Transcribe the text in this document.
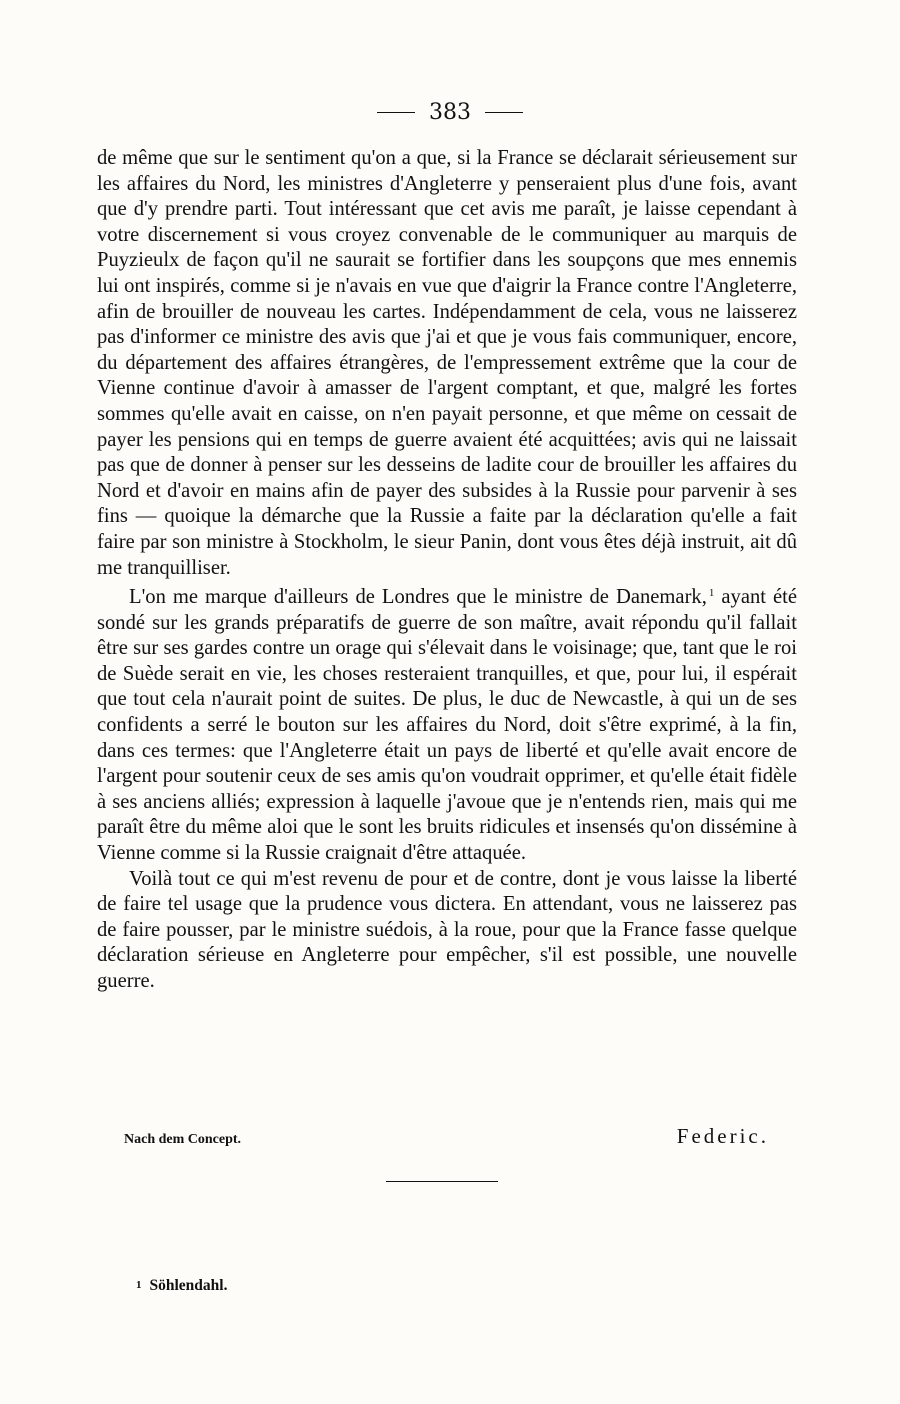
383

de même que sur le sentiment qu'on a que, si la France se déclarait sérieusement sur les affaires du Nord, les ministres d'Angleterre y penseraient plus d'une fois, avant que d'y prendre parti. Tout intéressant que cet avis me paraît, je laisse cependant à votre discernement si vous croyez convenable de le communiquer au marquis de Puyzieulx de façon qu'il ne saurait se fortifier dans les soupçons que mes ennemis lui ont inspirés, comme si je n'avais en vue que d'aigrir la France contre l'Angleterre, afin de brouiller de nouveau les cartes. Indépendamment de cela, vous ne laisserez pas d'informer ce ministre des avis que j'ai et que je vous fais communiquer, encore, du département des affaires étrangères, de l'empressement extrême que la cour de Vienne continue d'avoir à amasser de l'argent comptant, et que, malgré les fortes sommes qu'elle avait en caisse, on n'en payait personne, et que même on cessait de payer les pensions qui en temps de guerre avaient été acquittées; avis qui ne laissait pas que de donner à penser sur les desseins de ladite cour de brouiller les affaires du Nord et d'avoir en mains afin de payer des subsides à la Russie pour parvenir à ses fins — quoique la démarche que la Russie a faite par la déclaration qu'elle a fait faire par son ministre à Stockholm, le sieur Panin, dont vous êtes déjà instruit, ait dû me tranquilliser.

L'on me marque d'ailleurs de Londres que le ministre de Danemark, $^1$ ayant été sondé sur les grands préparatifs de guerre de son maître, avait répondu qu'il fallait être sur ses gardes contre un orage qui s'élevait dans le voisinage; que, tant que le roi de Suède serait en vie, les choses resteraient tranquilles, et que, pour lui, il espérait que tout cela n'aurait point de suites. De plus, le duc de Newcastle, à qui un de ses confidents a serré le bouton sur les affaires du Nord, doit s'être exprimé, à la fin, dans ces termes: que l'Angleterre était un pays de liberté et qu'elle avait encore de l'argent pour soutenir ceux de ses amis qu'on voudrait opprimer, et qu'elle était fidèle à ses anciens alliés; expression à laquelle j'avoue que je n'entends rien, mais qui me paraît être du même aloi que le sont les bruits ridicules et insensés qu'on dissémine à Vienne comme si la Russie craignait d'être attaquée.

Voilà tout ce qui m'est revenu de pour et de contre, dont je vous laisse la liberté de faire tel usage que la prudence vous dictera. En attendant, vous ne laisserez pas de faire pousser, par le ministre suédois, à la roue, pour que la France fasse quelque déclaration sérieuse en Angleterre pour empêcher, s'il est possible, une nouvelle guerre.

Nach dem Concept.	Federic.
1 Söhlendahl.
